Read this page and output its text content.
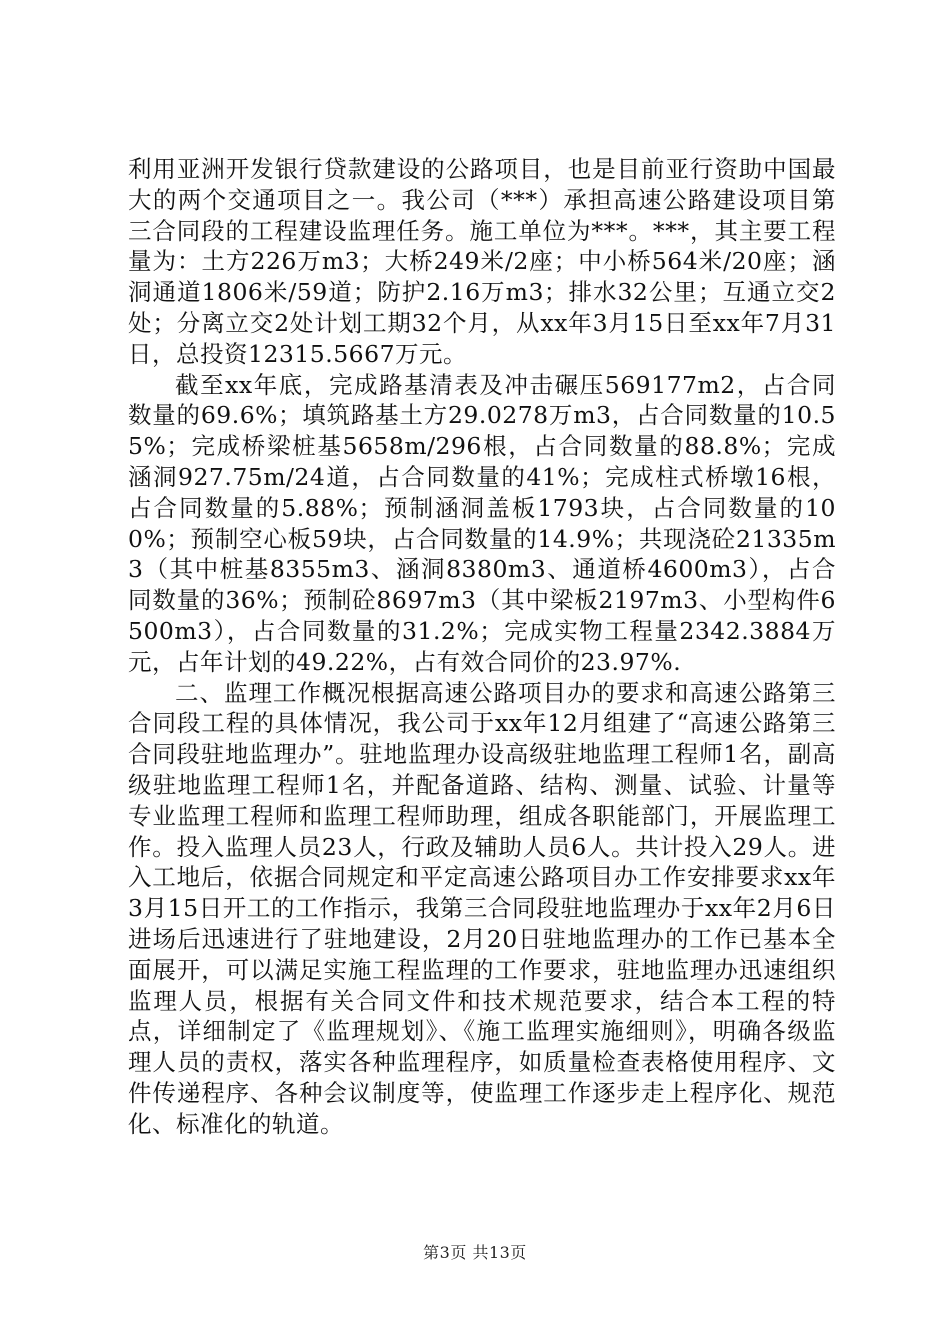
利用亚洲开发银行贷款建设的公路项目，也是目前亚行资助中国最大的两个交通项目之一。我公司（***）承担高速公路建设项目第三合同段的工程建设监理任务。施工单位为***。***，其主要工程量为：土方226万m3；大桥249米/2座；中小桥564米/20座；涵洞通道1806米/59道；防护2.16万m3；排水32公里；互通立交2处；分离立交2处计划工期32个月，从xx年3月15日至xx年7月31日，总投资12315.5667万元。

截至xx年底，完成路基清表及冲击碾压569177m2，占合同数量的69.6%；填筑路基土方29.0278万m3，占合同数量的10.55%；完成桥梁桩基5658m/296根，占合同数量的88.8%；完成涵洞927.75m/24道，占合同数量的41%；完成柱式桥墩16根，占合同数量的5.88%；预制涵洞盖板1793块，占合同数量的100%；预制空心板59块，占合同数量的14.9%；共现浇砼21335m3（其中桩基8355m3、涵洞8380m3、通道桥4600m3），占合同数量的36%；预制砼8697m3（其中梁板2197m3、小型构件6500m3），占合同数量的31.2%；完成实物工程量2342.3884万元，占年计划的49.22%，占有效合同价的23.97%.

二、监理工作概况根据高速公路项目办的要求和高速公路第三合同段工程的具体情况，我公司于xx年12月组建了“高速公路第三合同段驻地监理办”。驻地监理办设高级驻地监理工程师1名，副高级驻地监理工程师1名，并配备道路、结构、测量、试验、计量等专业监理工程师和监理工程师助理，组成各职能部门，开展监理工作。投入监理人员23人，行政及辅助人员6人。共计投入29人。进入工地后，依据合同规定和平定高速公路项目办工作安排要求xx年3月15日开工的工作指示，我第三合同段驻地监理办于xx年2月6日进场后迅速进行了驻地建设，2月20日驻地监理办的工作已基本全面展开，可以满足实施工程监理的工作要求，驻地监理办迅速组织监理人员，根据有关合同文件和技术规范要求，结合本工程的特点，详细制定了《监理规划》、《施工监理实施细则》，明确各级监理人员的责权，落实各种监理程序，如质量检查表格使用程序、文件传递程序、各种会议制度等，使监理工作逐步走上程序化、规范化、标准化的轨道。

第3页 共13页
